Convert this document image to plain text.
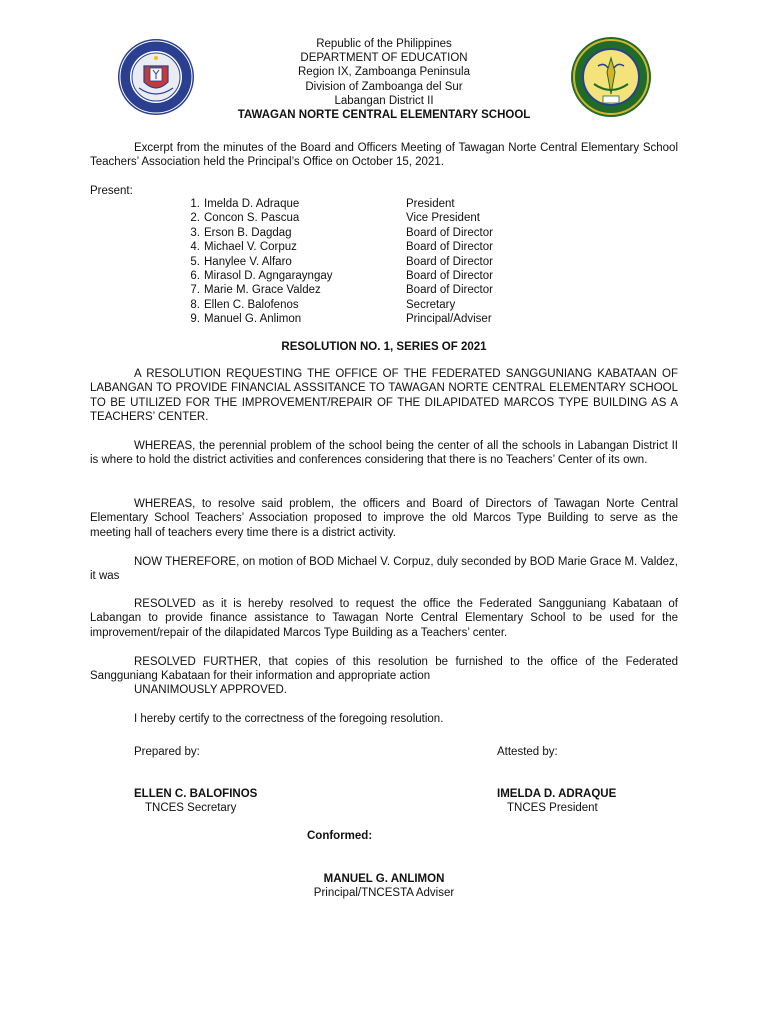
Republic of the Philippines
DEPARTMENT OF EDUCATION
Region IX, Zamboanga Peninsula
Division of Zamboanga del Sur
Labangan District II
TAWAGAN NORTE CENTRAL ELEMENTARY SCHOOL
Excerpt from the minutes of the Board and Officers Meeting of Tawagan Norte Central Elementary School Teachers’ Association held the Principal’s Office on October 15, 2021.
Present:
1. Imelda D. Adraque	President
2. Concon S. Pascua	Vice President
3. Erson B. Dagdag	Board of Director
4. Michael V. Corpuz	Board of Director
5. Hanylee V. Alfaro	Board of Director
6. Mirasol D. Agngarayngay	Board of Director
7. Marie M. Grace Valdez	Board of Director
8. Ellen C. Balofenos	Secretary
9. Manuel G. Anlimon	Principal/Adviser
RESOLUTION NO. 1, SERIES OF 2021
A RESOLUTION REQUESTING THE OFFICE OF THE FEDERATED SANGGUNIANG KABATAAN OF LABANGAN TO PROVIDE FINANCIAL ASSSITANCE TO TAWAGAN NORTE CENTRAL ELEMENTARY SCHOOL TO BE UTILIZED FOR THE IMPROVEMENT/REPAIR OF THE DILAPIDATED MARCOS TYPE BUILDING AS A TEACHERS’ CENTER.
WHEREAS, the perennial problem of the school being the center of all the schools in Labangan District II is where to hold the district activities and conferences considering that there is no Teachers’ Center of its own.
WHEREAS, to resolve said problem, the officers and Board of Directors of Tawagan Norte Central Elementary School Teachers’ Association proposed to improve the old Marcos Type Building to serve as the meeting hall of teachers every time there is a district activity.
NOW THEREFORE, on motion of BOD Michael V. Corpuz, duly seconded by BOD Marie Grace M. Valdez, it was
RESOLVED as it is hereby resolved to request the office the Federated Sangguniang Kabataan of Labangan to provide finance assistance to Tawagan Norte Central Elementary School to be used for the improvement/repair of the dilapidated Marcos Type Building as a Teachers’ center.
RESOLVED FURTHER, that copies of this resolution be furnished to the office of the Federated Sangguniang Kabataan for their information and appropriate action
UNANIMOUSLY APPROVED.
I hereby certify to the correctness of the foregoing resolution.
Prepared by:	Attested by:
ELLEN C. BALOFINOS
TNCES Secretary
IMELDA D. ADRAQUE
TNCES President
Conformed:
MANUEL G. ANLIMON
Principal/TNCESTA Adviser
